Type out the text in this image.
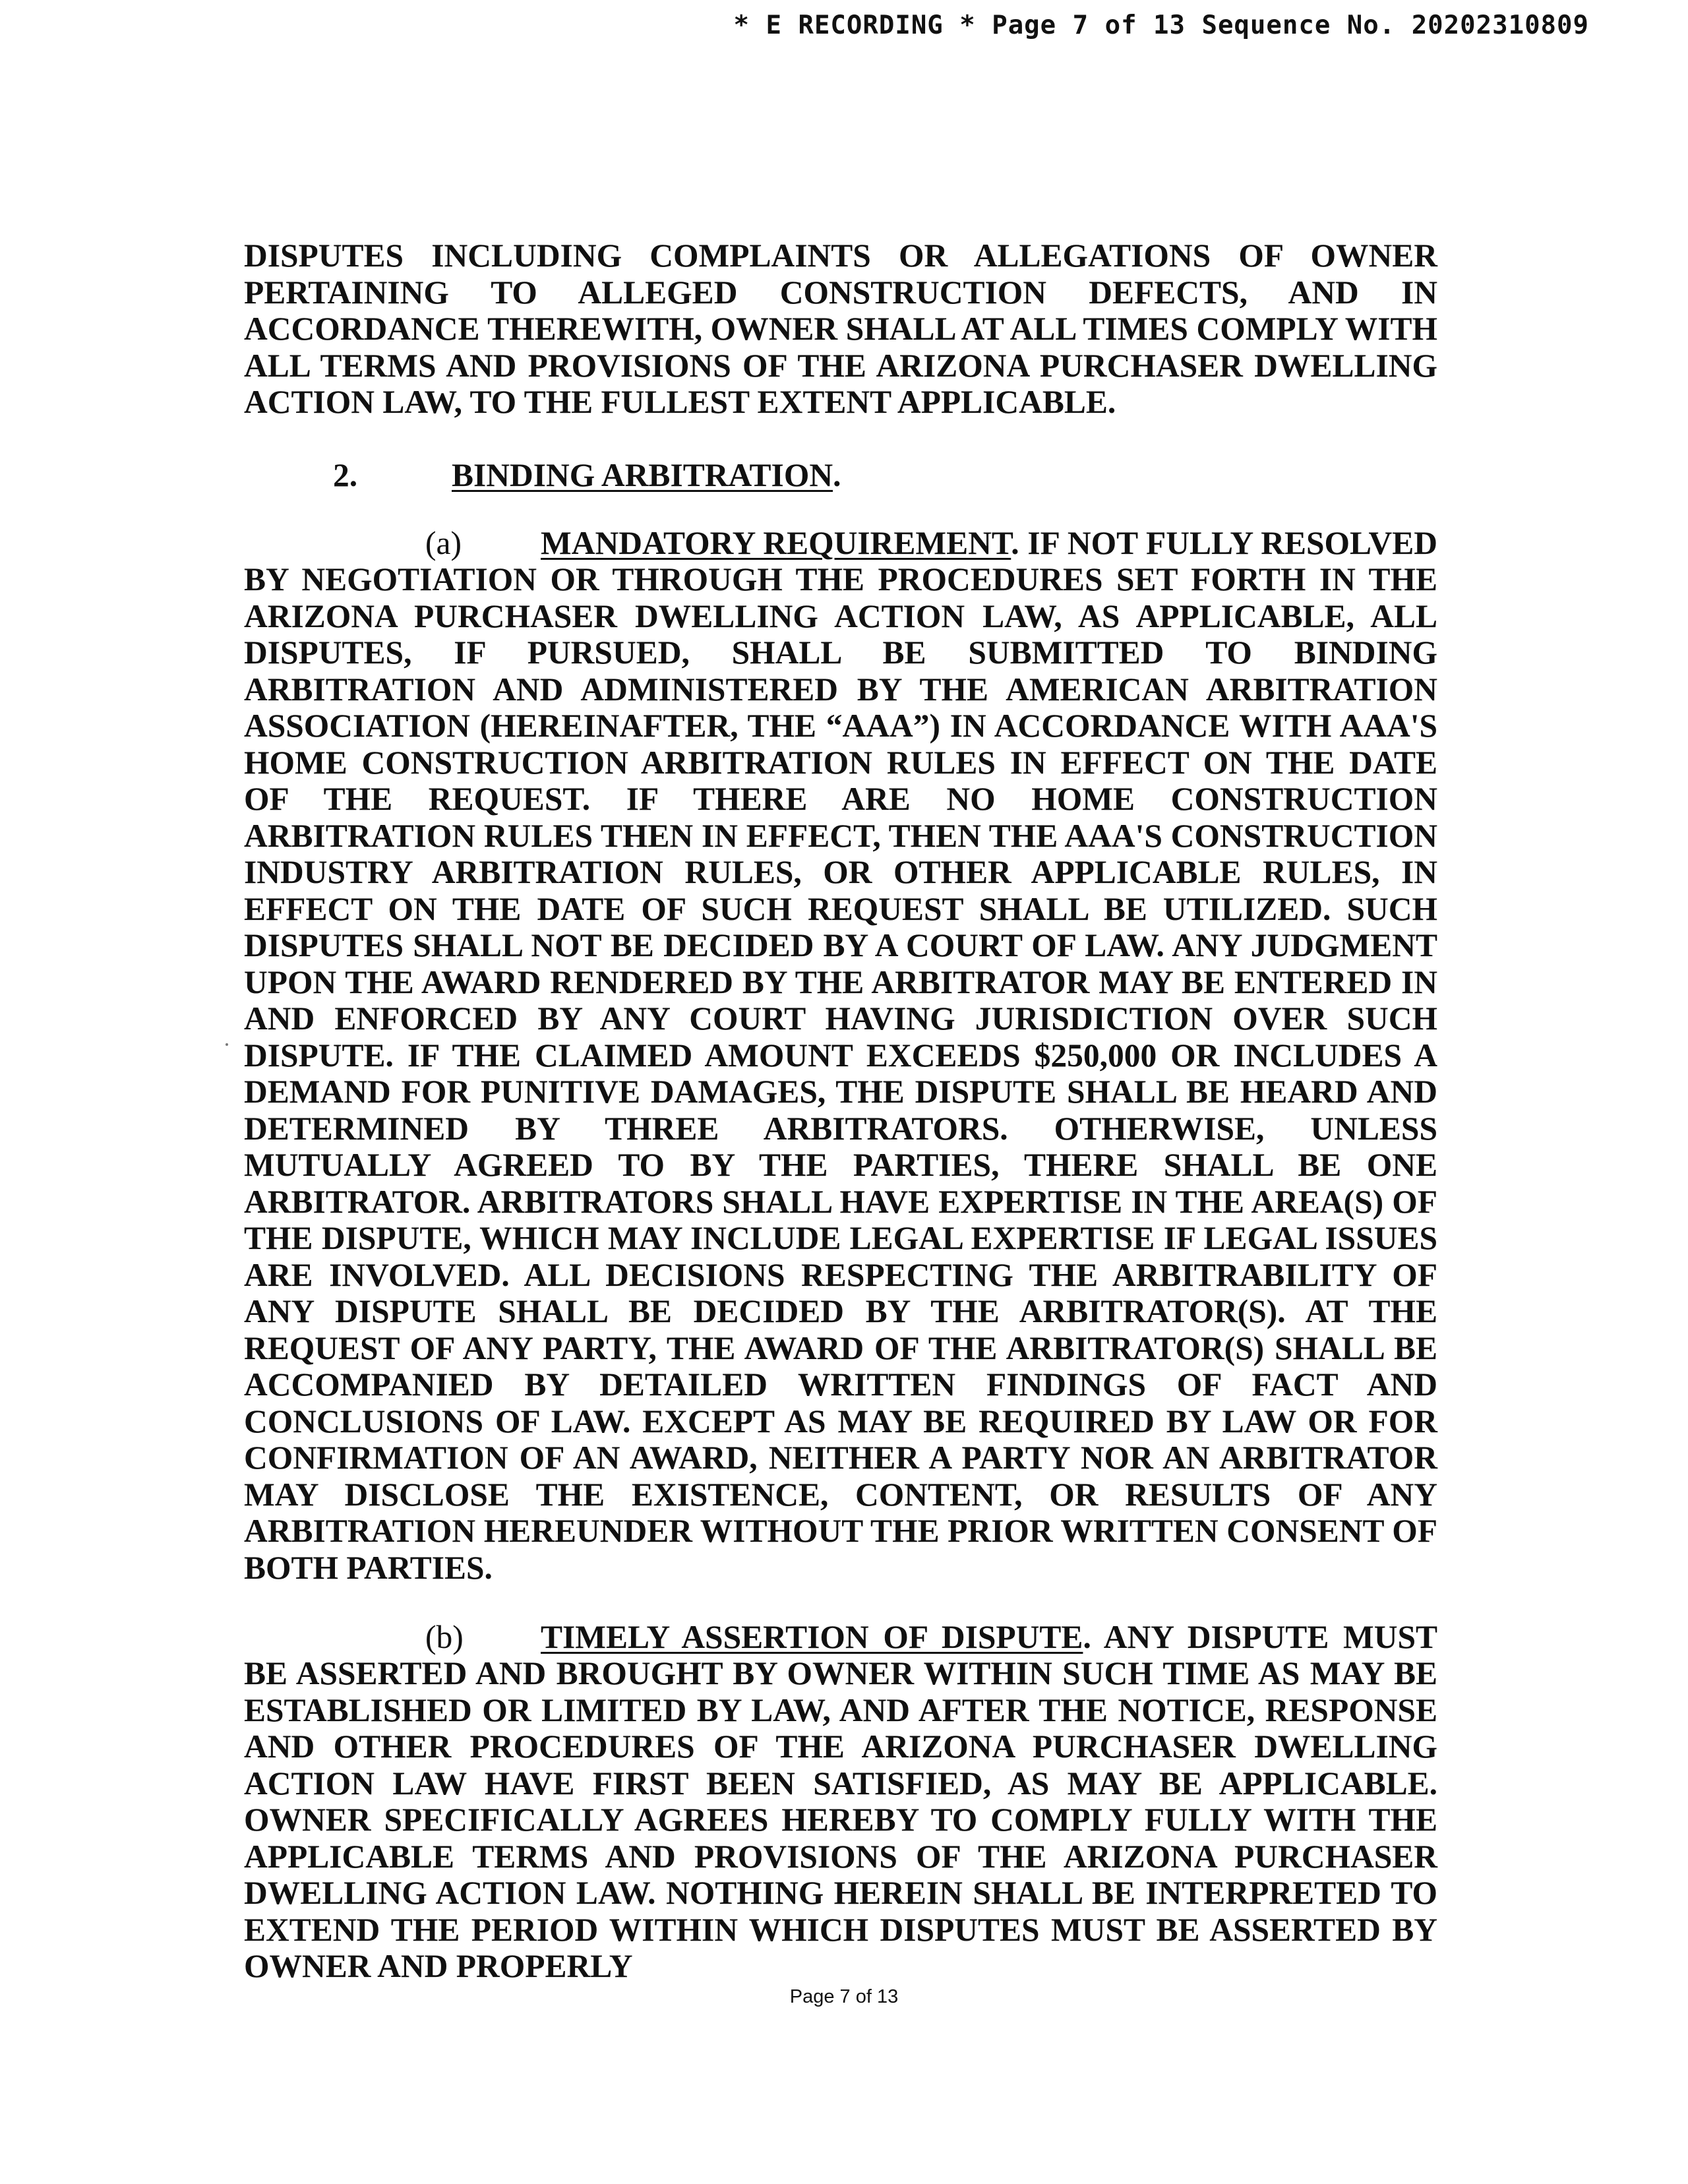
* E RECORDING * Page 7 of 13 Sequence No. 20202310809

DISPUTES INCLUDING COMPLAINTS OR ALLEGATIONS OF OWNER PERTAINING TO ALLEGED CONSTRUCTION DEFECTS, AND IN ACCORDANCE THEREWITH, OWNER SHALL AT ALL TIMES COMPLY WITH ALL TERMS AND PROVISIONS OF THE ARIZONA PURCHASER DWELLING ACTION LAW, TO THE FULLEST EXTENT APPLICABLE.

2.	BINDING ARBITRATION.

(a) MANDATORY REQUIREMENT. IF NOT FULLY RESOLVED BY NEGOTIATION OR THROUGH THE PROCEDURES SET FORTH IN THE ARIZONA PURCHASER DWELLING ACTION LAW, AS APPLICABLE, ALL DISPUTES, IF PURSUED, SHALL BE SUBMITTED TO BINDING ARBITRATION AND ADMINISTERED BY THE AMERICAN ARBITRATION ASSOCIATION (HEREINAFTER, THE “AAA”) IN ACCORDANCE WITH AAA'S HOME CONSTRUCTION ARBITRATION RULES IN EFFECT ON THE DATE OF THE REQUEST. IF THERE ARE NO HOME CONSTRUCTION ARBITRATION RULES THEN IN EFFECT, THEN THE AAA'S CONSTRUCTION INDUSTRY ARBITRATION RULES, OR OTHER APPLICABLE RULES, IN EFFECT ON THE DATE OF SUCH REQUEST SHALL BE UTILIZED. SUCH DISPUTES SHALL NOT BE DECIDED BY A COURT OF LAW. ANY JUDGMENT UPON THE AWARD RENDERED BY THE ARBITRATOR MAY BE ENTERED IN AND ENFORCED BY ANY COURT HAVING JURISDICTION OVER SUCH DISPUTE. IF THE CLAIMED AMOUNT EXCEEDS $250,000 OR INCLUDES A DEMAND FOR PUNITIVE DAMAGES, THE DISPUTE SHALL BE HEARD AND DETERMINED BY THREE ARBITRATORS. OTHERWISE, UNLESS MUTUALLY AGREED TO BY THE PARTIES, THERE SHALL BE ONE ARBITRATOR. ARBITRATORS SHALL HAVE EXPERTISE IN THE AREA(S) OF THE DISPUTE, WHICH MAY INCLUDE LEGAL EXPERTISE IF LEGAL ISSUES ARE INVOLVED. ALL DECISIONS RESPECTING THE ARBITRABILITY OF ANY DISPUTE SHALL BE DECIDED BY THE ARBITRATOR(S). AT THE REQUEST OF ANY PARTY, THE AWARD OF THE ARBITRATOR(S) SHALL BE ACCOMPANIED BY DETAILED WRITTEN FINDINGS OF FACT AND CONCLUSIONS OF LAW. EXCEPT AS MAY BE REQUIRED BY LAW OR FOR CONFIRMATION OF AN AWARD, NEITHER A PARTY NOR AN ARBITRATOR MAY DISCLOSE THE EXISTENCE, CONTENT, OR RESULTS OF ANY ARBITRATION HEREUNDER WITHOUT THE PRIOR WRITTEN CONSENT OF BOTH PARTIES.

(b) TIMELY ASSERTION OF DISPUTE. ANY DISPUTE MUST BE ASSERTED AND BROUGHT BY OWNER WITHIN SUCH TIME AS MAY BE ESTABLISHED OR LIMITED BY LAW, AND AFTER THE NOTICE, RESPONSE AND OTHER PROCEDURES OF THE ARIZONA PURCHASER DWELLING ACTION LAW HAVE FIRST BEEN SATISFIED, AS MAY BE APPLICABLE. OWNER SPECIFICALLY AGREES HEREBY TO COMPLY FULLY WITH THE APPLICABLE TERMS AND PROVISIONS OF THE ARIZONA PURCHASER DWELLING ACTION LAW. NOTHING HEREIN SHALL BE INTERPRETED TO EXTEND THE PERIOD WITHIN WHICH DISPUTES MUST BE ASSERTED BY OWNER AND PROPERLY

Page 7 of 13
